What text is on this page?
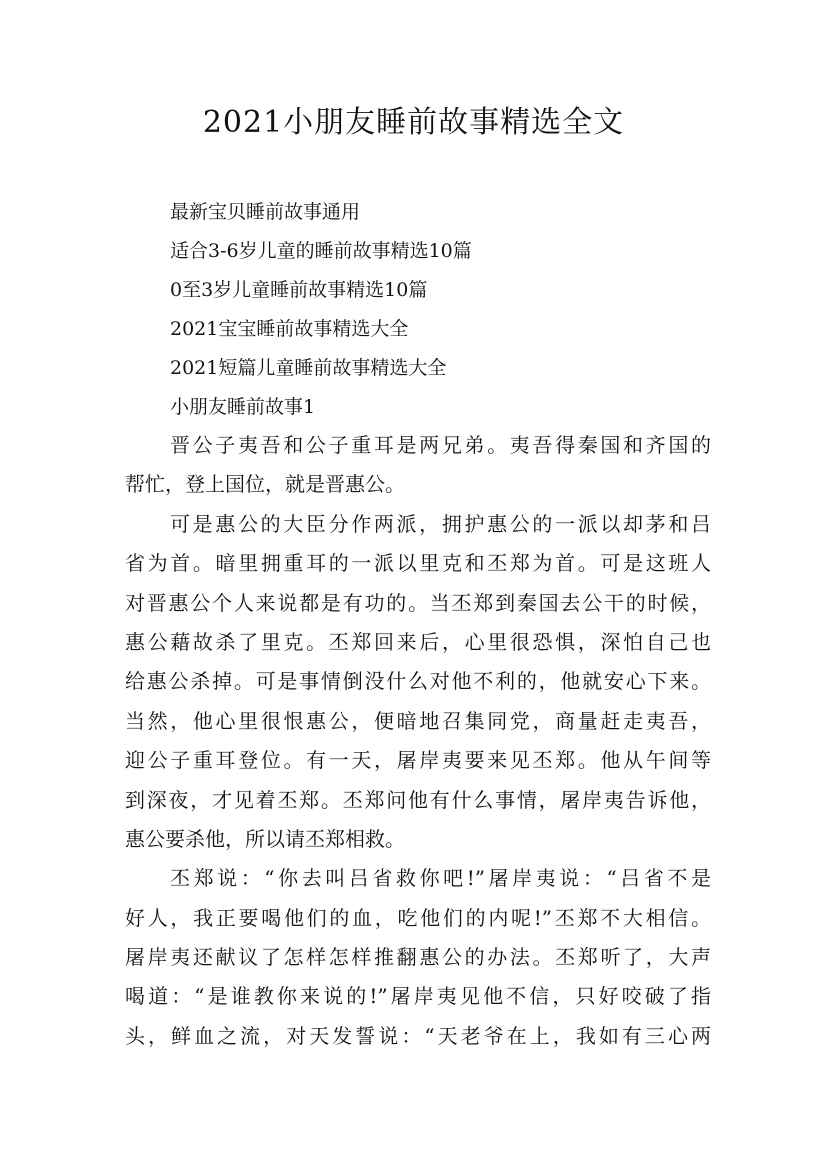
2021小朋友睡前故事精选全文
最新宝贝睡前故事通用
适合3-6岁儿童的睡前故事精选10篇
0至3岁儿童睡前故事精选10篇
2021宝宝睡前故事精选大全
2021短篇儿童睡前故事精选大全
小朋友睡前故事1
晋公子夷吾和公子重耳是两兄弟。夷吾得秦国和齐国的
帮忙，登上国位，就是晋惠公。
可是惠公的大臣分作两派，拥护惠公的一派以却茅和吕
省为首。暗里拥重耳的一派以里克和丕郑为首。可是这班人
对晋惠公个人来说都是有功的。当丕郑到秦国去公干的时候，
惠公藉故杀了里克。丕郑回来后，心里很恐惧，深怕自己也
给惠公杀掉。可是事情倒没什么对他不利的，他就安心下来。
当然，他心里很恨惠公，便暗地召集同党，商量赶走夷吾，
迎公子重耳登位。有一天，屠岸夷要来见丕郑。他从午间等
到深夜，才见着丕郑。丕郑问他有什么事情，屠岸夷告诉他，
惠公要杀他，所以请丕郑相救。
丕郑说：“你去叫吕省救你吧!”屠岸夷说：“吕省不是
好人，我正要喝他们的血，吃他们的内呢!”丕郑不大相信。
屠岸夷还献议了怎样怎样推翻惠公的办法。丕郑听了，大声
喝道：“是谁教你来说的!”屠岸夷见他不信，只好咬破了指
头，鲜血之流，对天发誓说：“天老爷在上，我如有三心两
